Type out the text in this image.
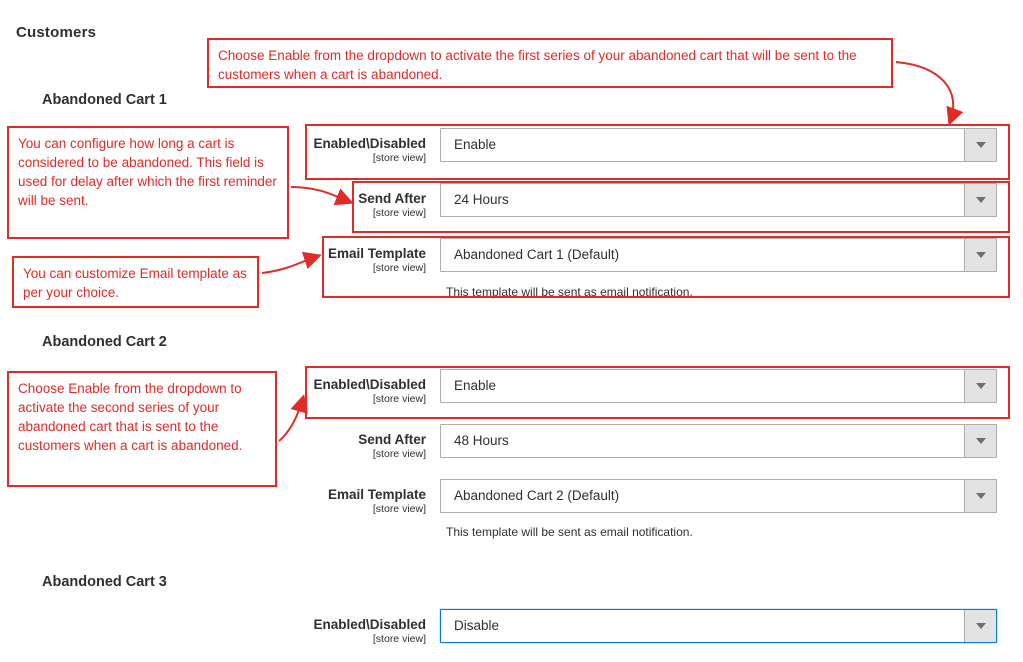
Customers
Abandoned Cart 1
Enabled\Disabled
[store view]
Enable
Send After
[store view]
24 Hours
Email Template
[store view]
Abandoned Cart 1 (Default)
This template will be sent as email notification.
Abandoned Cart 2
Enabled\Disabled
[store view]
Enable
Send After
[store view]
48 Hours
Email Template
[store view]
Abandoned Cart 2 (Default)
This template will be sent as email notification.
Abandoned Cart 3
Enabled\Disabled
[store view]
Disable
Choose Enable from the dropdown to activate the first series of your abandoned cart that will be sent to the customers when a cart is abandoned.
You can configure how long a cart is considered to be abandoned. This field is used for delay after which the first reminder will be sent.
You can customize Email template as per your choice.
Choose Enable from the dropdown to activate the second series of your abandoned cart that is sent to the customers when a cart is abandoned.
